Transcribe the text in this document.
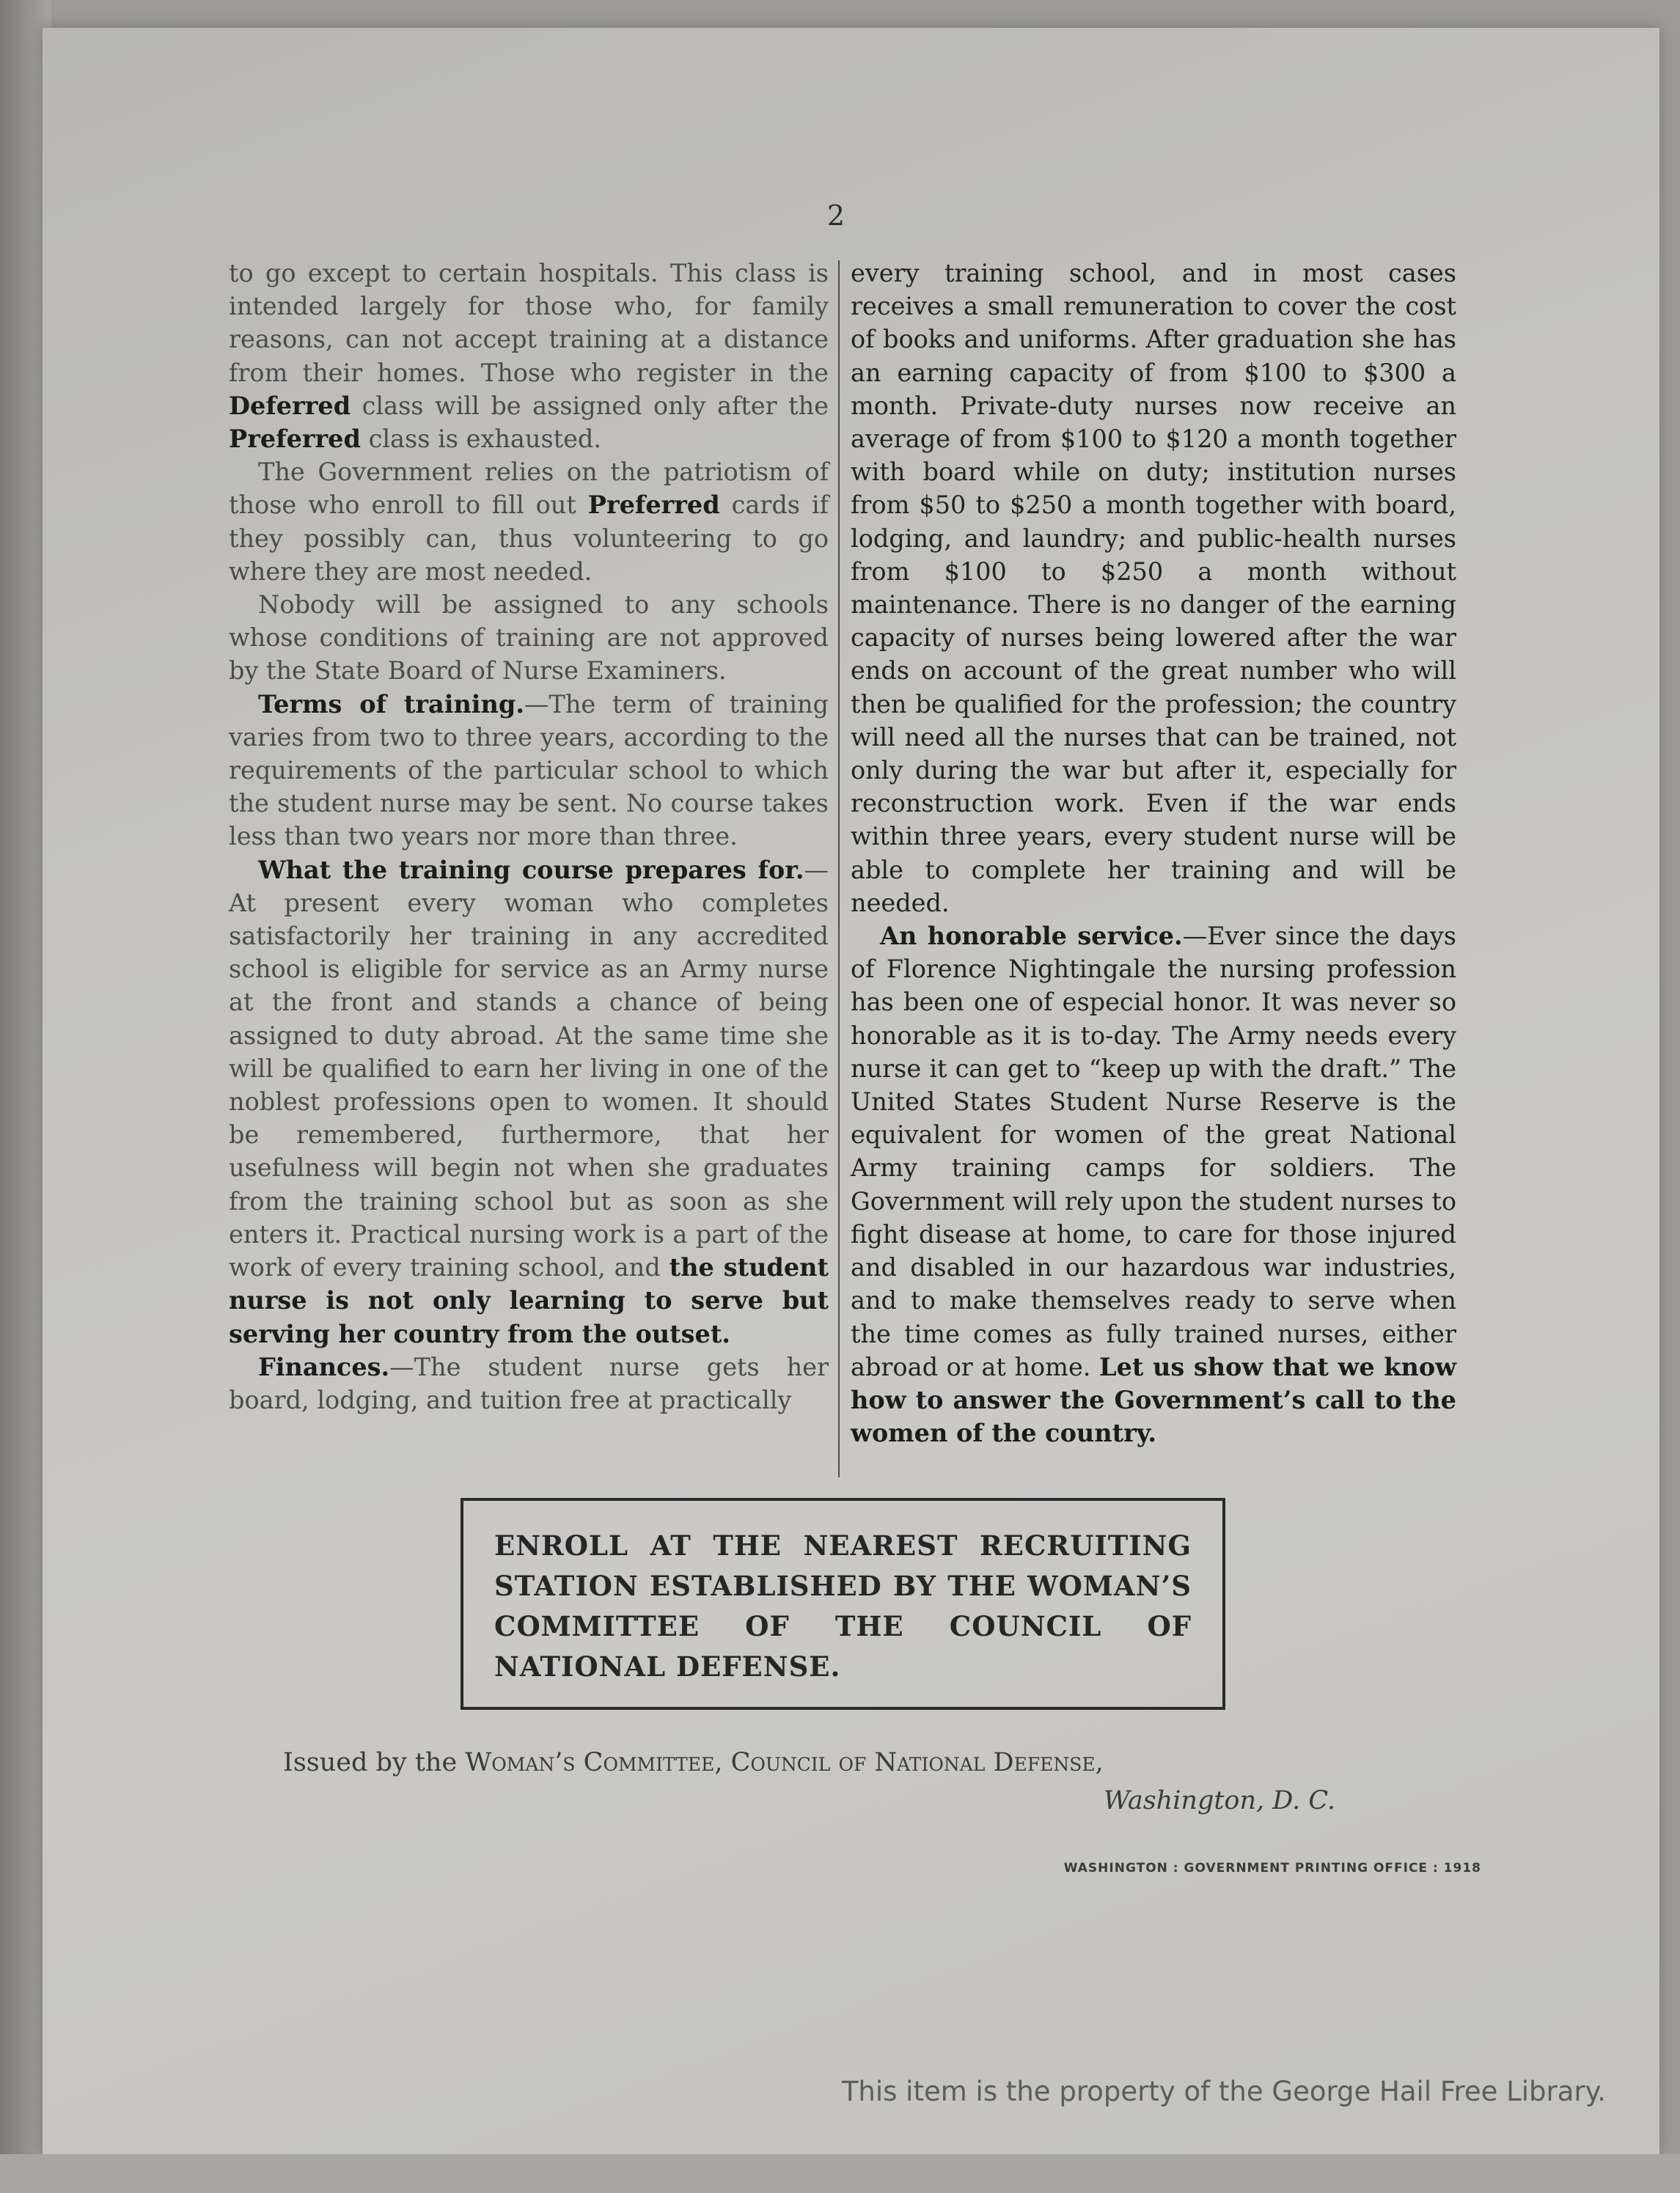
2

to go except to certain hospitals. This class is intended largely for those who, for family reasons, can not accept training at a distance from their homes. Those who register in the Deferred class will be assigned only after the Preferred class is exhausted.

The Government relies on the patriotism of those who enroll to fill out Preferred cards if they possibly can, thus volunteering to go where they are most needed.

Nobody will be assigned to any schools whose conditions of training are not approved by the State Board of Nurse Examiners.

Terms of training.—The term of training varies from two to three years, according to the requirements of the particular school to which the student nurse may be sent. No course takes less than two years nor more than three.

What the training course prepares for.—At present every woman who completes satisfactorily her training in any accredited school is eligible for service as an Army nurse at the front and stands a chance of being assigned to duty abroad. At the same time she will be qualified to earn her living in one of the noblest professions open to women. It should be remembered, furthermore, that her usefulness will begin not when she graduates from the training school but as soon as she enters it. Practical nursing work is a part of the work of every training school, and the student nurse is not only learning to serve but serving her country from the outset.

Finances.—The student nurse gets her board, lodging, and tuition free at practically

every training school, and in most cases receives a small remuneration to cover the cost of books and uniforms. After graduation she has an earning capacity of from $100 to $300 a month. Private-duty nurses now receive an average of from $100 to $120 a month together with board while on duty; institution nurses from $50 to $250 a month together with board, lodging, and laundry; and public-health nurses from $100 to $250 a month without maintenance. There is no danger of the earning capacity of nurses being lowered after the war ends on account of the great number who will then be qualified for the profession; the country will need all the nurses that can be trained, not only during the war but after it, especially for reconstruction work. Even if the war ends within three years, every student nurse will be able to complete her training and will be needed.

An honorable service.—Ever since the days of Florence Nightingale the nursing profession has been one of especial honor. It was never so honorable as it is to-day. The Army needs every nurse it can get to “keep up with the draft.” The United States Student Nurse Reserve is the equivalent for women of the great National Army training camps for soldiers. The Government will rely upon the student nurses to fight disease at home, to care for those injured and disabled in our hazardous war industries, and to make themselves ready to serve when the time comes as fully trained nurses, either abroad or at home. Let us show that we know how to answer the Government’s call to the women of the country.

ENROLL AT THE NEAREST RECRUITING STATION ESTABLISHED BY THE WOMAN’S COMMITTEE OF THE COUNCIL OF NATIONAL DEFENSE.
Issued by the Woman’s Committee, Council of National Defense,
Washington, D. C.
WASHINGTON : GOVERNMENT PRINTING OFFICE : 1918
This item is the property of the George Hail Free Library.
